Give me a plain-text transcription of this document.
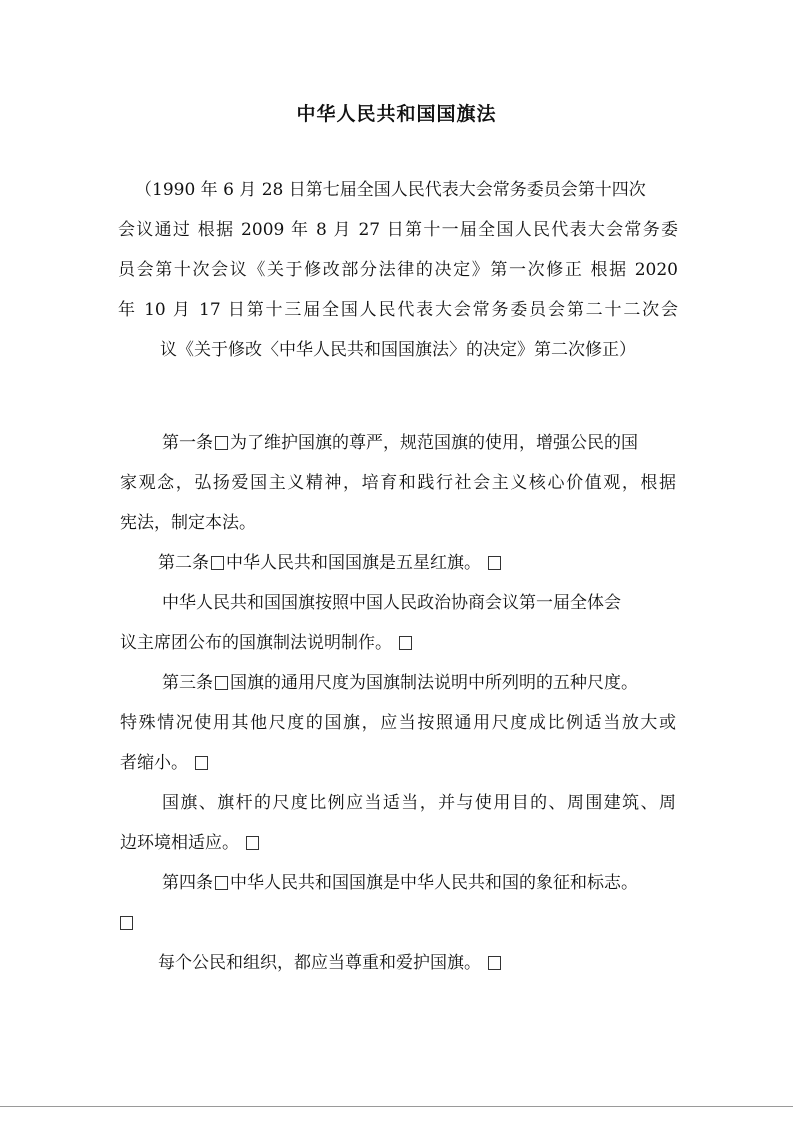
中华人民共和国国旗法
（1990 年 6 月 28 日第七届全国人民代表大会常务委员会第十四次
会议通过 根据 2009 年 8 月 27 日第十一届全国人民代表大会常务委
员会第十次会议《关于修改部分法律的决定》第一次修正 根据 2020
年 10 月 17 日第十三届全国人民代表大会常务委员会第二十二次会
议《关于修改〈中华人民共和国国旗法〉的决定》第二次修正）

第一条 为了维护国旗的尊严，规范国旗的使用，增强公民的国
家观念，弘扬爱国主义精神，培育和践行社会主义核心价值观，根据
宪法，制定本法。

第二条 中华人民共和国国旗是五星红旗。

中华人民共和国国旗按照中国人民政治协商会议第一届全体会
议主席团公布的国旗制法说明制作。

第三条 国旗的通用尺度为国旗制法说明中所列明的五种尺度。
特殊情况使用其他尺度的国旗，应当按照通用尺度成比例适当放大或
者缩小。

国旗、旗杆的尺度比例应当适当，并与使用目的、周围建筑、周
边环境相适应。

第四条 中华人民共和国国旗是中华人民共和国的象征和标志。

每个公民和组织，都应当尊重和爱护国旗。
